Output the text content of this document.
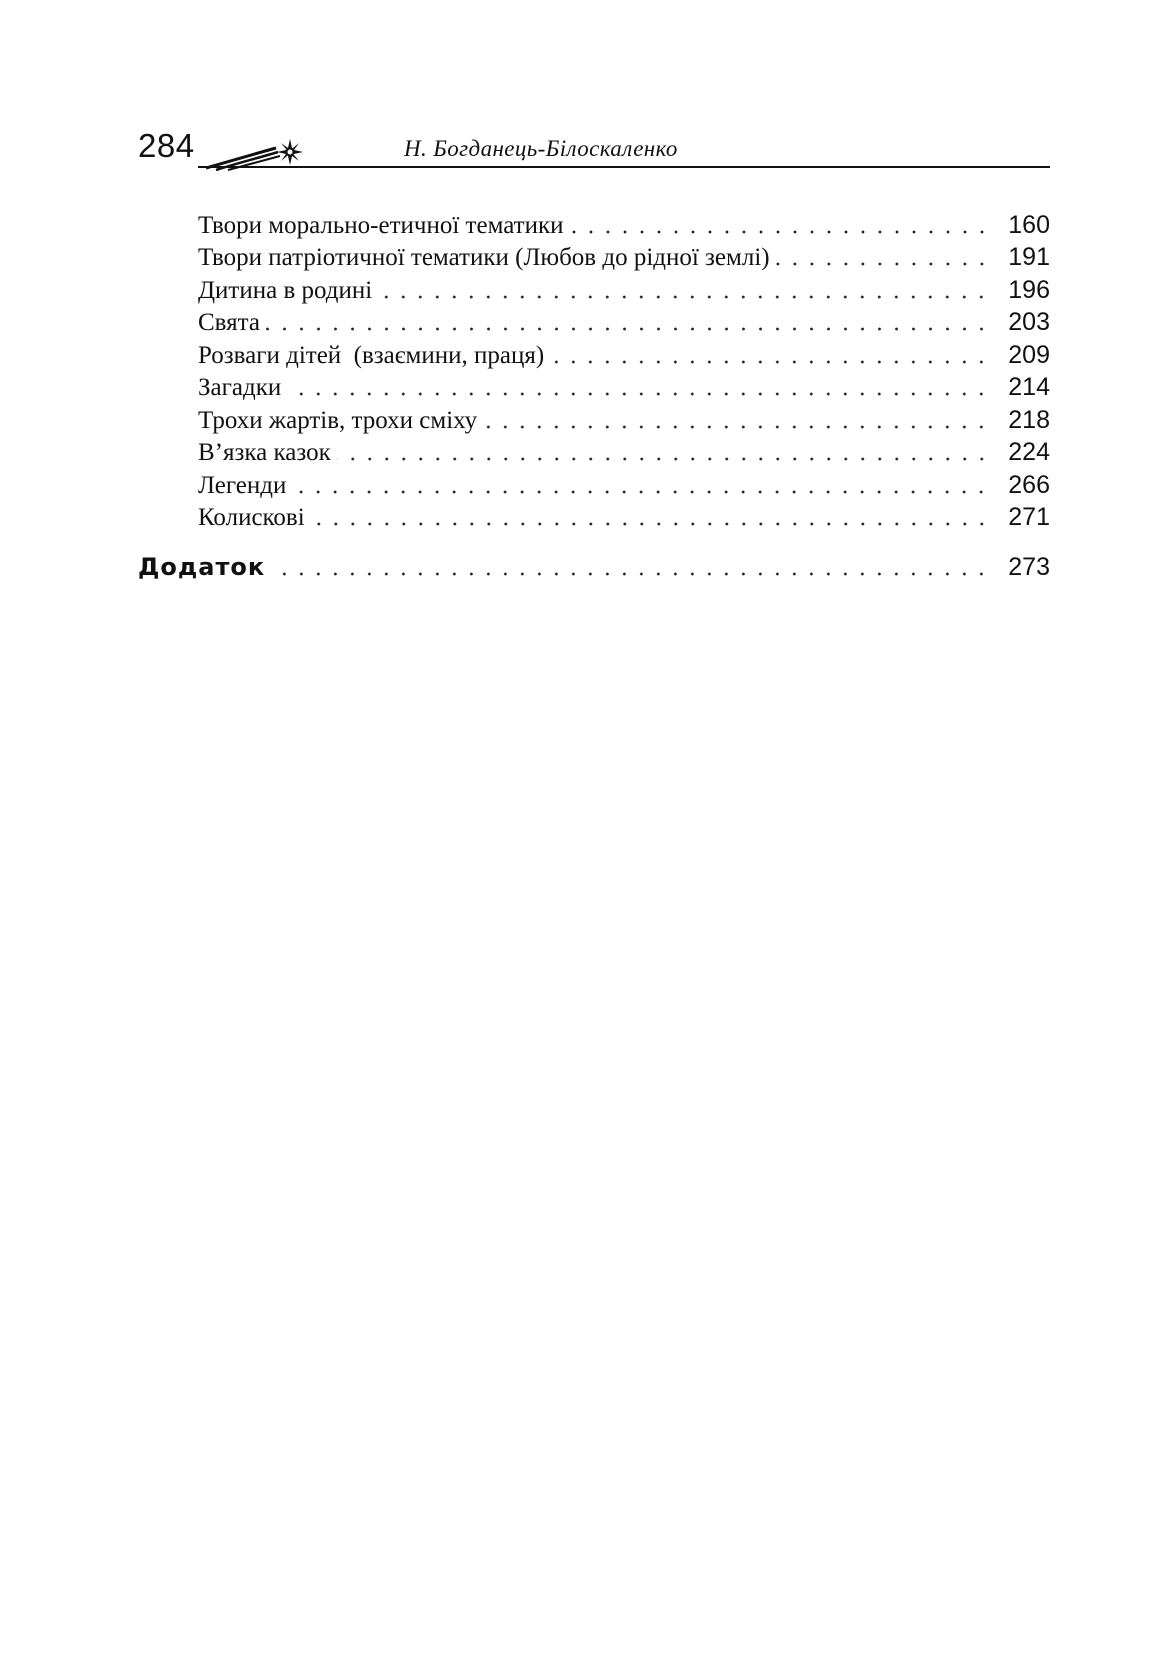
284	Н. Богданець-Білоскаленко
Твори морально-етичної тематики	160
Твори патріотичної тематики (Любов до рідної землі)	191
Дитина в родині	196
Свята	203
Розваги дітей  (взаємини, праця)	209
Загадки	214
Трохи жартів, трохи сміху	218
В’язка казок	224
Легенди	266
Колискові	271
Додаток	273
